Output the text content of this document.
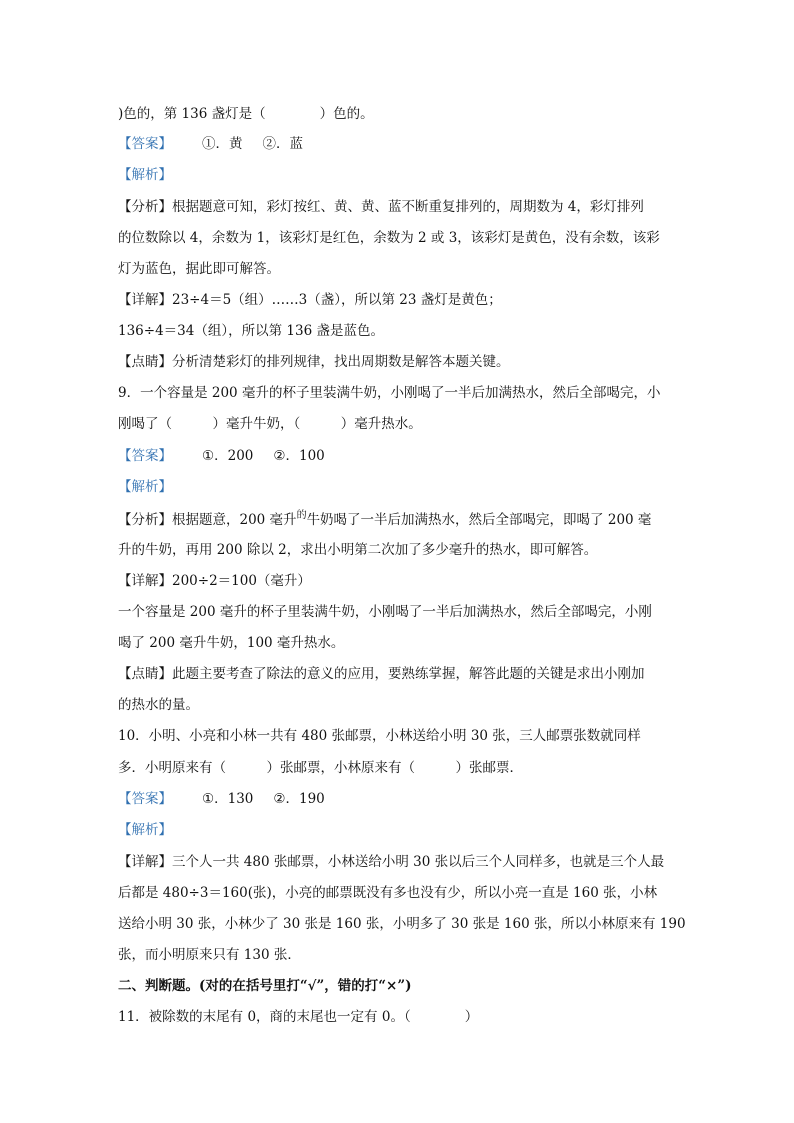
)色的，第 136 盏灯是（　　　　）色的。
【答案】 ①．黄 ②．蓝
【解析】
【分析】根据题意可知，彩灯按红、黄、黄、蓝不断重复排列的，周期数为 4，彩灯排列
的位数除以 4，余数为 1，该彩灯是红色，余数为 2 或 3，该彩灯是黄色，没有余数，该彩
灯为蓝色，据此即可解答。
【详解】23÷4＝5（组）……3（盏），所以第 23 盏灯是黄色；
136÷4＝34（组），所以第 136 盏是蓝色。
【点睛】分析清楚彩灯的排列规律，找出周期数是解答本题关键。
9．一个容量是 200 毫升的杯子里装满牛奶，小刚喝了一半后加满热水，然后全部喝完，小
刚喝了（　　　）毫升牛奶，（　　　）毫升热水。
【答案】 ①．200 ②．100
【解析】
【分析】根据题意，200 毫升$^的$牛奶喝了一半后加满热水，然后全部喝完，即喝了 200 毫
升的牛奶，再用 200 除以 2，求出小明第二次加了多少毫升的热水，即可解答。
【详解】200÷2＝100（毫升）
一个容量是 200 毫升的杯子里装满牛奶，小刚喝了一半后加满热水，然后全部喝完，小刚
喝了 200 毫升牛奶，100 毫升热水。
【点睛】此题主要考查了除法的意义的应用，要熟练掌握，解答此题的关键是求出小刚加
的热水的量。
10．小明、小亮和小林一共有 480 张邮票，小林送给小明 30 张，三人邮票张数就同样
多．小明原来有（　　　）张邮票，小林原来有（　　　）张邮票．
【答案】 ①．130 ②．190
【解析】
【详解】三个人一共 480 张邮票，小林送给小明 30 张以后三个人同样多，也就是三个人最
后都是 480÷3＝160(张)，小亮的邮票既没有多也没有少，所以小亮一直是 160 张，小林
送给小明 30 张，小林少了 30 张是 160 张，小明多了 30 张是 160 张，所以小林原来有 190
张，而小明原来只有 130 张．
二、判断题。(对的在括号里打“√”，错的打“×”)
11．被除数的末尾有 0，商的末尾也一定有 0。（　　　　）
